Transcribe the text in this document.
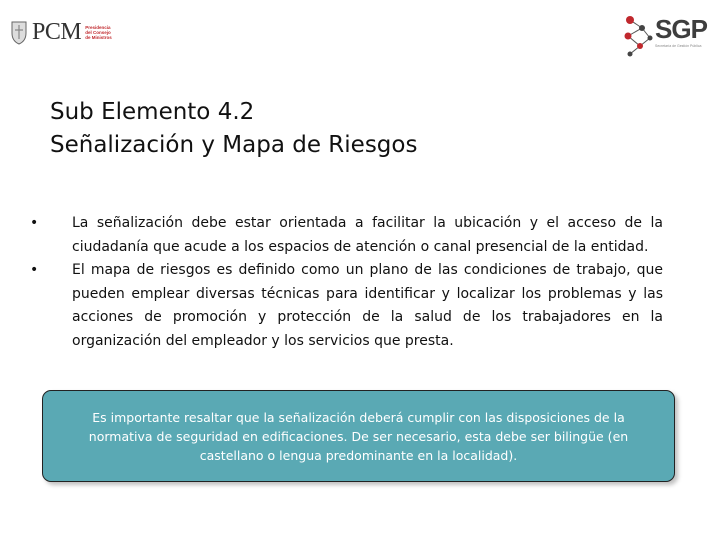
PCM Presidencia
del Consejo
de Ministros	SGP
Secretaría de Gestión Pública
Sub Elemento 4.2
Señalización y Mapa de Riesgos
•	La señalización debe estar orientada a facilitar la ubicación y el acceso de la ciudadanía que acude a los espacios de atención o canal presencial de la entidad.
•	El mapa de riesgos es definido como un plano de las condiciones de trabajo, que pueden emplear diversas técnicas para identificar y localizar los problemas y las acciones de promoción y protección de la salud de los trabajadores en la organización del empleador y los servicios que presta.

Es importante resaltar que la señalización deberá cumplir con las disposiciones de la normativa de seguridad en edificaciones. De ser necesario, esta debe ser bilingüe (en castellano o lengua predominante en la localidad).
